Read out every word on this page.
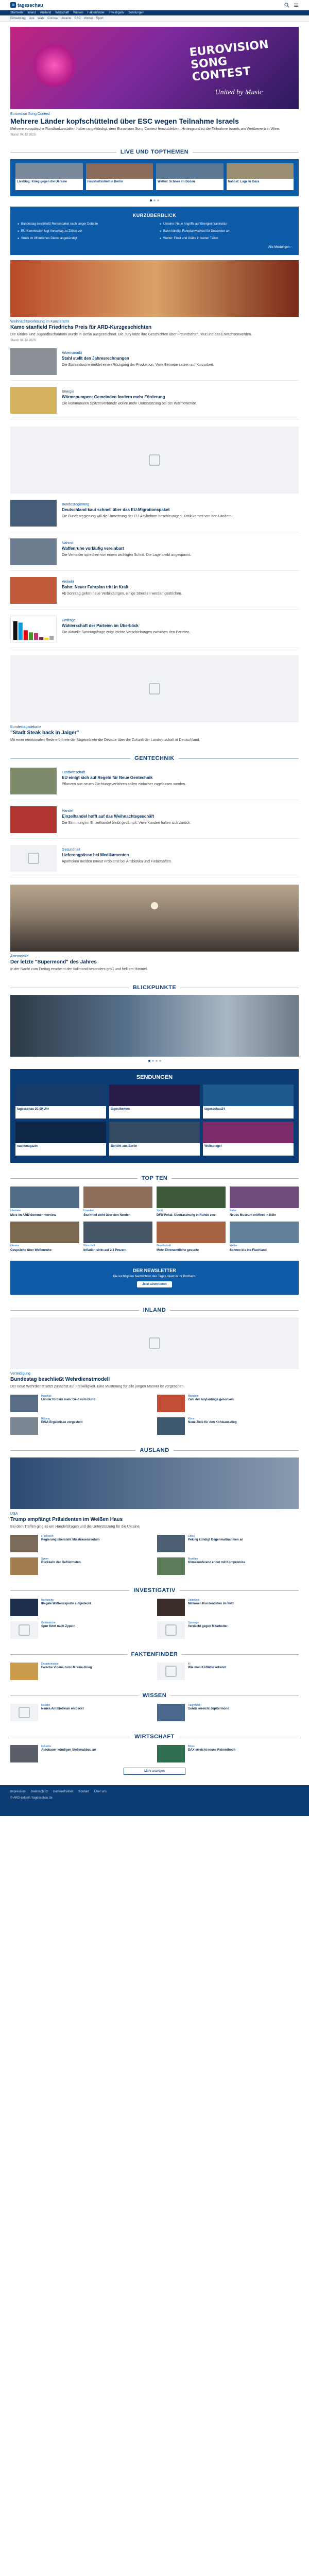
ts tagesschau
Startseite Inland Ausland Wirtschaft Wissen Faktenfinder Investigativ Sendungen
Eilmeldung Live Wahl Corona Ukraine ESC Wetter Sport
EUROVISION SONG CONTEST
United by Music
Eurovision Song Contest
Mehrere Länder kopfschüttelnd über ESC wegen Teilnahme Israels

Mehrere europäische Rundfunkanstalten haben angekündigt, dem Eurovision Song Contest fernzubleiben. Hintergrund ist die Teilnahme Israels am Wettbewerb in Wien.

Stand: 04.12.2025

LIVE UND TOPTHEMEN
Liveblog: Krieg gegen die Ukraine	Haushaltsstreit in Berlin	Wetter: Schnee im Süden	Nahost: Lage in Gaza
KURZÜBERBLICK
■ Bundestag beschließt Rentenpaket nach langer Debatte	■ Ukraine: Neue Angriffe auf Energieinfrastruktur
■ EU-Kommission legt Vorschlag zu Zöllen vor	■ Bahn kündigt Fahrplanwechsel für Dezember an
■ Streik im öffentlichen Dienst angekündigt	■ Wetter: Frost und Glätte in weiten Teilen
Alle Meldungen ›
Weihnachtsvorlesung im Kanzleramt
Kamo stanfield Friedrichs Preis für ARD-Kurzgeschichten

Die Kinder- und Jugendbuchautorin wurde in Berlin ausgezeichnet. Die Jury lobte ihre Geschichten über Freundschaft, Mut und das Erwachsenwerden.

Stand: 04.12.2025

Arbeitsmarkt
Stahl stellt den Jahresrechnungen
Die Stahlindustrie meldet einen Rückgang der Produktion. Viele Betriebe setzen auf Kurzarbeit.
Energie
Wärmepumpen: Gemeinden fordern mehr Förderung
Die kommunalen Spitzenverbände wollen mehr Unterstützung bei der Wärmewende.
Bundesregierung
Deutschland kaut schnell über das EU-Migrationspaket
Die Bundesregierung will die Umsetzung der EU-Asylreform beschleunigen. Kritik kommt von den Ländern.
Nahost
Waffenruhe vorläufig vereinbart
Die Vermittler sprechen von einem wichtigen Schritt. Die Lage bleibt angespannt.
Verkehr
Bahn: Neuer Fahrplan tritt in Kraft
Ab Sonntag gelten neue Verbindungen, einige Strecken werden gestrichen.
Umfrage
Wählerschaft der Parteien im Überblick
Die aktuelle Sonntagsfrage zeigt leichte Verschiebungen zwischen den Parteien.
Bundestagsdebatte
"Stadt Steak back in Jaiger"

Mit einer emotionalen Rede eröffnete der Abgeordnete die Debatte über die Zukunft der Landwirtschaft in Deutschland.

GENTECHNIK
Landwirtschaft
EU einigt sich auf Regeln für Neue Gentechnik
Pflanzen aus neuen Züchtungsverfahren sollen einfacher zugelassen werden.
Handel
Einzelhandel hofft auf das Weihnachtsgeschäft
Die Stimmung im Einzelhandel bleibt gedämpft. Viele Kunden halten sich zurück.
Gesundheit
Lieferengpässe bei Medikamenten
Apotheken melden erneut Probleme bei Antibiotika und Fiebersäften.
Astronomie
Der letzte "Supermond" des Jahres

In der Nacht zum Freitag erscheint der Vollmond besonders groß und hell am Himmel.

BLICKPUNKTE
SENDUNGEN
tagesschau 20:00 Uhr	tagesthemen	tagesschau24
nachtmagazin	Bericht aus Berlin	Weltspiegel
TOP TEN
Interview
Merz im ARD-Sommerinterview
Unwetter
Sturmtief zieht über den Norden
Sport
DFB-Pokal: Überraschung in Runde zwei
Kultur
Neues Museum eröffnet in Köln
Ukraine
Gespräche über Waffenruhe
Wirtschaft
Inflation sinkt auf 2,3 Prozent
Gesellschaft
Mehr Ehrenamtliche gesucht
Wetter
Schnee bis ins Flachland
DER NEWSLETTER

Die wichtigsten Nachrichten des Tages direkt in Ihr Postfach.

Jetzt abonnieren
INLAND
Verteidigung
Bundestag beschließt Wehrdienstmodell

Der neue Wehrdienst setzt zunächst auf Freiwilligkeit. Eine Musterung für alle jungen Männer ist vorgesehen.

Haushalt
Länder fordern mehr Geld vom Bund
Migration
Zahl der Asylanträge gesunken
Bildung
PISA-Ergebnisse vorgestellt
Klima
Neue Ziele für den Kohleausstieg
AUSLAND
USA
Trump empfängt Präsidenten im Weißen Haus

Bei dem Treffen ging es um Handelsfragen und die Unterstützung für die Ukraine.

Frankreich
Regierung übersteht Misstrauensvotum
China
Peking kündigt Gegenmaßnahmen an
Syrien
Rückkehr der Geflüchteten
Brasilien
Klimakonferenz endet mit Kompromiss
INVESTIGATIV
Recherche
Illegale Waffenexporte aufgedeckt
Datenleck
Millionen Kundendaten im Netz
Geldwäsche
Spur führt nach Zypern
Spionage
Verdacht gegen Mitarbeiter
FAKTENFINDER
Desinformation
Falsche Videos zum Ukraine-Krieg
KI
Wie man KI-Bilder erkennt
WISSEN
Medizin
Neues Antibiotikum entdeckt
Raumfahrt
Sonde erreicht Jupitermond
WIRTSCHAFT
Industrie
Autobauer kündigen Stellenabbau an
Börse
DAX erreicht neues Rekordhoch
Mehr anzeigen
Impressum Datenschutz Barrierefreiheit Kontakt Über uns
© ARD-aktuell / tagesschau.de
